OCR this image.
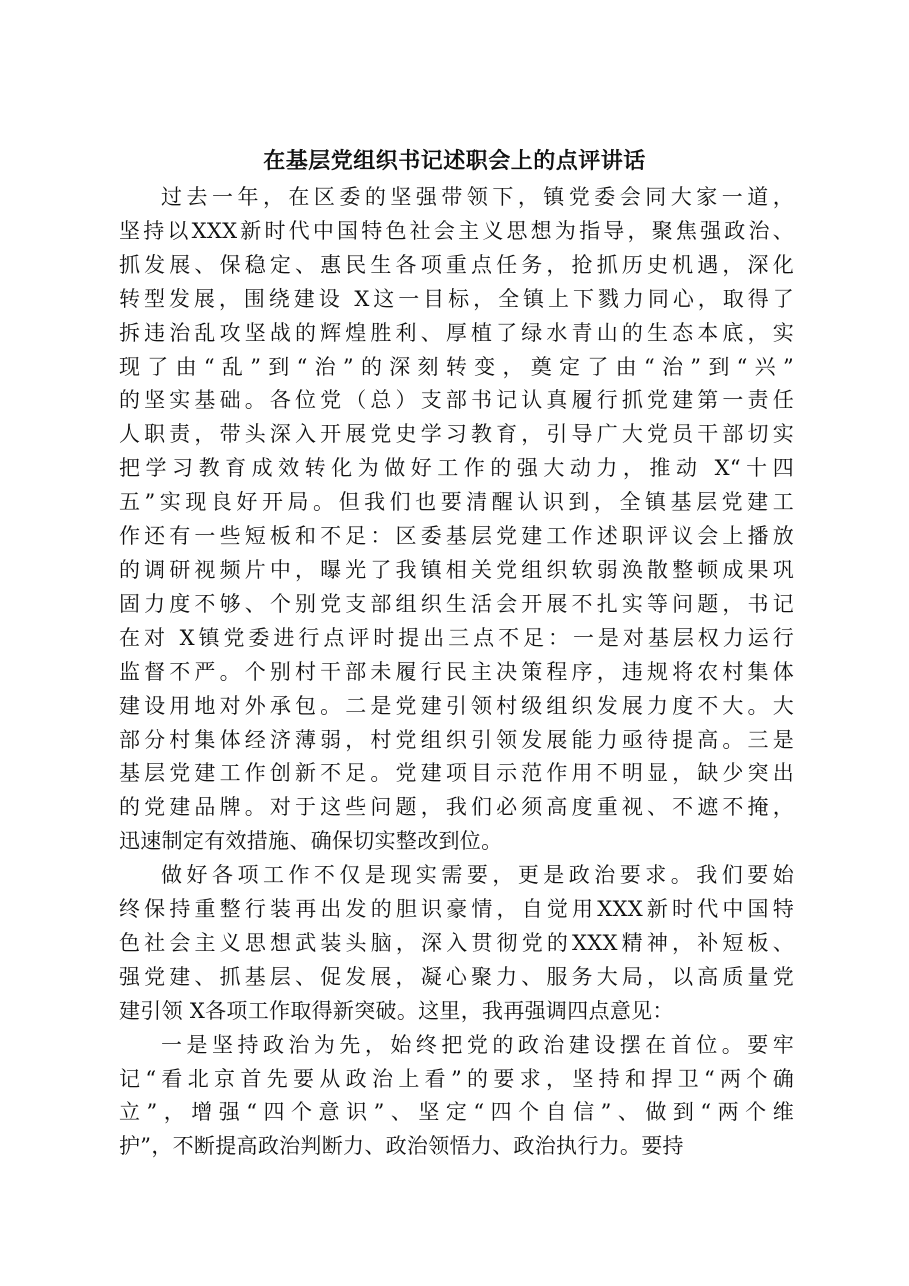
在基层党组织书记述职会上的点评讲话
过去一年，在区委的坚强带领下，镇党委会同大家一道，
坚持以XXX新时代中国特色社会主义思想为指导，聚焦强政治、
抓发展、保稳定、惠民生各项重点任务，抢抓历史机遇，深化
转型发展，围绕建设 X这一目标，全镇上下戮力同心，取得了
拆违治乱攻坚战的辉煌胜利、厚植了绿水青山的生态本底，实
现了由“乱”到“治”的深刻转变，奠定了由“治”到“兴”
的坚实基础。各位党（总）支部书记认真履行抓党建第一责任
人职责，带头深入开展党史学习教育，引导广大党员干部切实
把学习教育成效转化为做好工作的强大动力，推动 X“十四
五”实现良好开局。但我们也要清醒认识到，全镇基层党建工
作还有一些短板和不足：区委基层党建工作述职评议会上播放
的调研视频片中，曝光了我镇相关党组织软弱涣散整顿成果巩
固力度不够、个别党支部组织生活会开展不扎实等问题，书记
在对 X镇党委进行点评时提出三点不足：一是对基层权力运行
监督不严。个别村干部未履行民主决策程序，违规将农村集体
建设用地对外承包。二是党建引领村级组织发展力度不大。大
部分村集体经济薄弱，村党组织引领发展能力亟待提高。三是
基层党建工作创新不足。党建项目示范作用不明显，缺少突出
的党建品牌。对于这些问题，我们必须高度重视、不遮不掩，
迅速制定有效措施、确保切实整改到位。
做好各项工作不仅是现实需要，更是政治要求。我们要始
终保持重整行装再出发的胆识豪情，自觉用XXX新时代中国特
色社会主义思想武装头脑，深入贯彻党的XXX精神，补短板、
强党建、抓基层、促发展，凝心聚力、服务大局，以高质量党
建引领 X各项工作取得新突破。这里，我再强调四点意见：
一是坚持政治为先，始终把党的政治建设摆在首位。要牢
记“看北京首先要从政治上看”的要求，坚持和捍卫“两个确
立”，增强“四个意识”、坚定“四个自信”、做到“两个维
护”，不断提高政治判断力、政治领悟力、政治执行力。要持
